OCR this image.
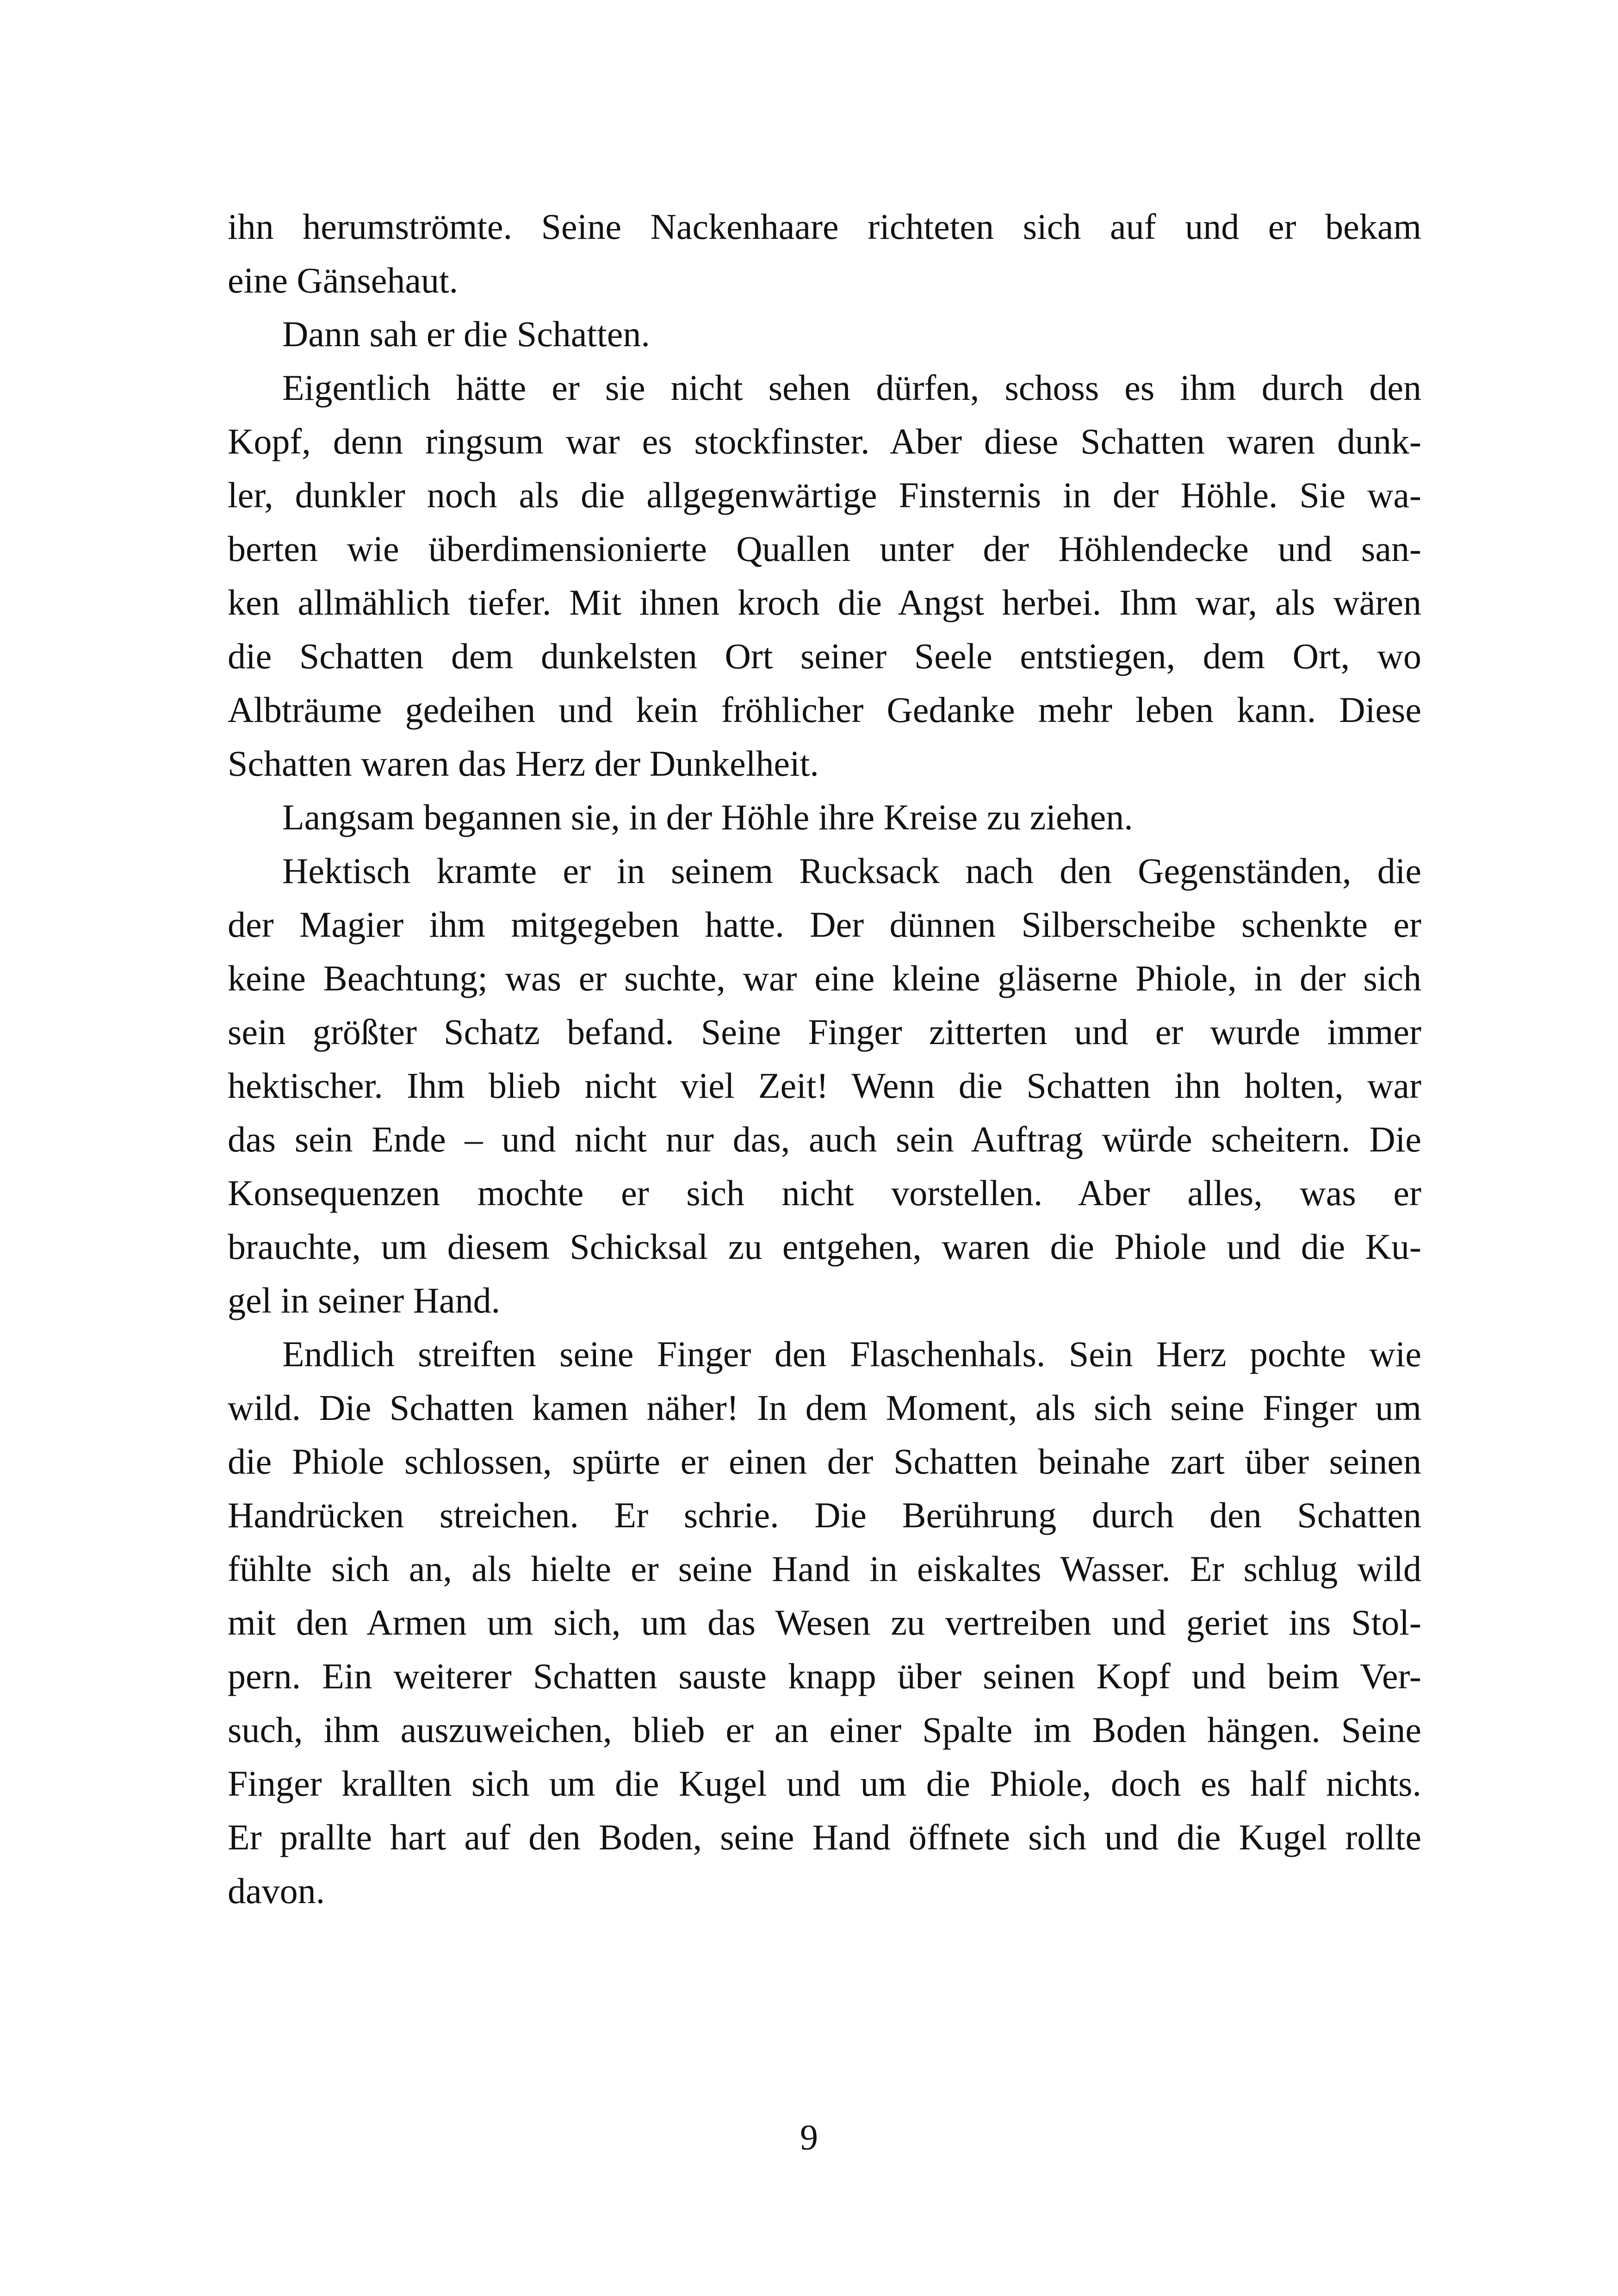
ihn herumströmte. Seine Nackenhaare richteten sich auf und er bekam
eine Gänsehaut.
Dann sah er die Schatten.
Eigentlich hätte er sie nicht sehen dürfen, schoss es ihm durch den
Kopf, denn ringsum war es stockfinster. Aber diese Schatten waren dunk-
ler, dunkler noch als die allgegenwärtige Finsternis in der Höhle. Sie wa-
berten wie überdimensionierte Quallen unter der Höhlendecke und san-
ken allmählich tiefer. Mit ihnen kroch die Angst herbei. Ihm war, als wären
die Schatten dem dunkelsten Ort seiner Seele entstiegen, dem Ort, wo
Albträume gedeihen und kein fröhlicher Gedanke mehr leben kann. Diese
Schatten waren das Herz der Dunkelheit.
Langsam begannen sie, in der Höhle ihre Kreise zu ziehen.
Hektisch kramte er in seinem Rucksack nach den Gegenständen, die
der Magier ihm mitgegeben hatte. Der dünnen Silberscheibe schenkte er
keine Beachtung; was er suchte, war eine kleine gläserne Phiole, in der sich
sein größter Schatz befand. Seine Finger zitterten und er wurde immer
hektischer. Ihm blieb nicht viel Zeit! Wenn die Schatten ihn holten, war
das sein Ende – und nicht nur das, auch sein Auftrag würde scheitern. Die
Konsequenzen mochte er sich nicht vorstellen. Aber alles, was er
brauchte, um diesem Schicksal zu entgehen, waren die Phiole und die Ku-
gel in seiner Hand.
Endlich streiften seine Finger den Flaschenhals. Sein Herz pochte wie
wild. Die Schatten kamen näher! In dem Moment, als sich seine Finger um
die Phiole schlossen, spürte er einen der Schatten beinahe zart über seinen
Handrücken streichen. Er schrie. Die Berührung durch den Schatten
fühlte sich an, als hielte er seine Hand in eiskaltes Wasser. Er schlug wild
mit den Armen um sich, um das Wesen zu vertreiben und geriet ins Stol-
pern. Ein weiterer Schatten sauste knapp über seinen Kopf und beim Ver-
such, ihm auszuweichen, blieb er an einer Spalte im Boden hängen. Seine
Finger krallten sich um die Kugel und um die Phiole, doch es half nichts.
Er prallte hart auf den Boden, seine Hand öffnete sich und die Kugel rollte
davon.
9
